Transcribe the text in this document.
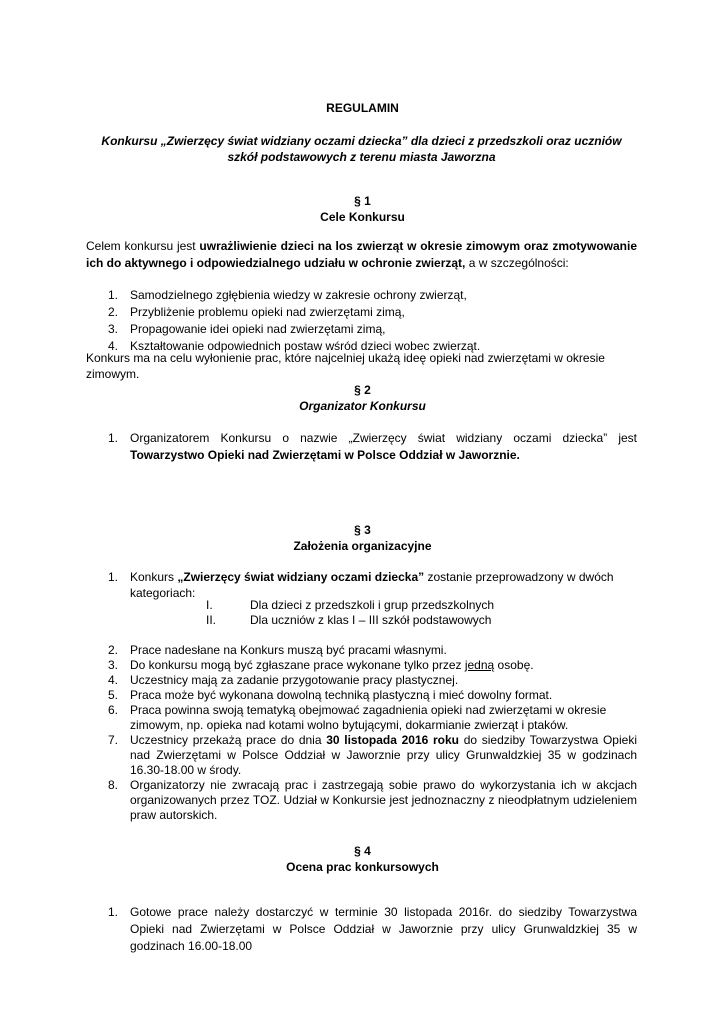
REGULAMIN
Konkursu „Zwierzęcy świat widziany oczami dziecka” dla dzieci z przedszkoli oraz uczniów szkół podstawowych z terenu miasta Jaworzna
§ 1
Cele Konkursu

Celem konkursu jest uwrażliwienie dzieci na los zwierząt w okresie zimowym oraz zmotywowanie ich do aktywnego i odpowiedzialnego udziału w ochronie zwierząt, a w szczególności:

1. Samodzielnego zgłębienia wiedzy w zakresie ochrony zwierząt,
2. Przybliżenie problemu opieki nad zwierzętami zimą,
3. Propagowanie idei opieki nad zwierzętami zimą,
4. Kształtowanie odpowiednich postaw wśród dzieci wobec zwierząt.

Konkurs ma na celu wyłonienie prac, które najcelniej ukażą ideę opieki nad zwierzętami w okresie zimowym.

§ 2
Organizator Konkursu
1. Organizatorem Konkursu o nazwie „Zwierzęcy świat widziany oczami dziecka” jest Towarzystwo Opieki nad Zwierzętami w Polsce Oddział w Jaworznie.
§ 3
Założenia organizacyjne
1. Konkurs „Zwierzęcy świat widziany oczami dziecka” zostanie przeprowadzony w dwóch kategoriach:
I.	Dla dzieci z przedszkoli i grup przedszkolnych
II.	Dla uczniów z klas I – III szkół podstawowych
2. Prace nadesłane na Konkurs muszą być pracami własnymi.
3. Do konkursu mogą być zgłaszane prace wykonane tylko przez jedną osobę.
4. Uczestnicy mają za zadanie przygotowanie pracy plastycznej.
5. Praca może być wykonana dowolną techniką plastyczną i mieć dowolny format.
6. Praca powinna swoją tematyką obejmować zagadnienia opieki nad zwierzętami w okresie zimowym, np. opieka nad kotami wolno bytującymi, dokarmianie zwierząt i ptaków.
7. Uczestnicy przekażą prace do dnia 30 listopada 2016 roku do siedziby Towarzystwa Opieki nad Zwierzętami w Polsce Oddział w Jaworznie przy ulicy Grunwaldzkiej 35 w godzinach 16.30-18.00 w środy.
8. Organizatorzy nie zwracają prac i zastrzegają sobie prawo do wykorzystania ich w akcjach organizowanych przez TOZ. Udział w Konkursie jest jednoznaczny z nieodpłatnym udzieleniem praw autorskich.
§ 4
Ocena prac konkursowych
1. Gotowe prace należy dostarczyć w terminie 30 listopada 2016r. do siedziby Towarzystwa Opieki nad Zwierzętami w Polsce Oddział w Jaworznie przy ulicy Grunwaldzkiej 35 w godzinach 16.00-18.00
